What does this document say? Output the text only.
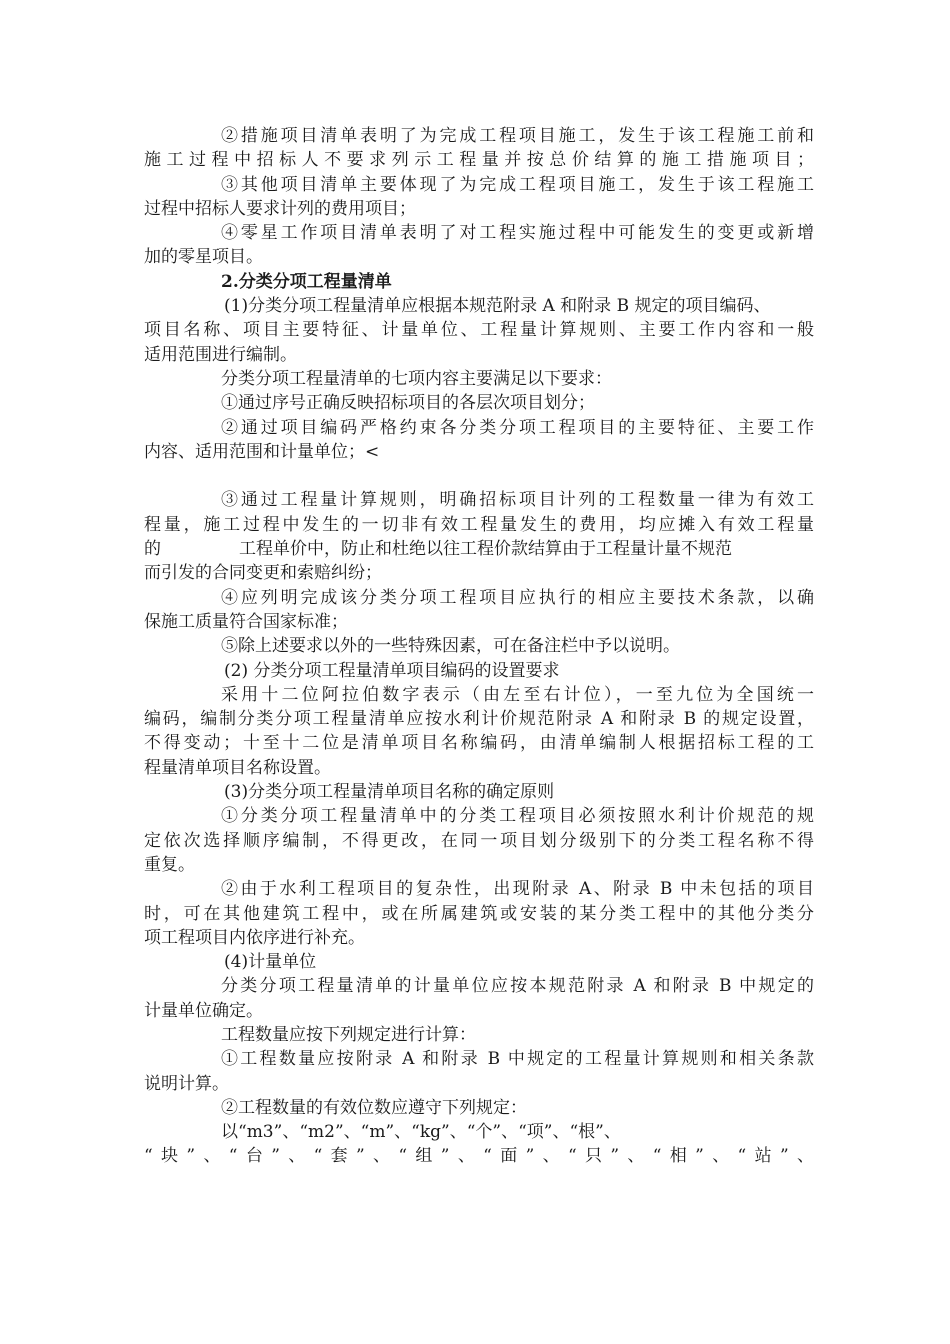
②措施项目清单表明了为完成工程项目施工，发生于该工程施工前和
施工过程中招标人不要求列示工程量并按总价结算的施工措施项目；
③其他项目清单主要体现了为完成工程项目施工，发生于该工程施工
过程中招标人要求计列的费用项目；
④零星工作项目清单表明了对工程实施过程中可能发生的变更或新增
加的零星项目。
2.分类分项工程量清单
(1)分类分项工程量清单应根据本规范附录 A 和附录 B 规定的项目编码、
项目名称、项目主要特征、计量单位、工程量计算规则、主要工作内容和一般
适用范围进行编制。
分类分项工程量清单的七项内容主要满足以下要求：
①通过序号正确反映招标项目的各层次项目划分；
②通过项目编码严格约束各分类分项工程项目的主要特征、主要工作
内容、适用范围和计量单位；<
③通过工程量计算规则，明确招标项目计列的工程数量一律为有效工
程量，施工过程中发生的一切非有效工程量发生的费用，均应摊入有效工程量
的	工程单价中，防止和杜绝以往工程价款结算由于工程量计量不规范
而引发的合同变更和索赔纠纷；
④应列明完成该分类分项工程项目应执行的相应主要技术条款，以确
保施工质量符合国家标准；
⑤除上述要求以外的一些特殊因素，可在备注栏中予以说明。
(2) 分类分项工程量清单项目编码的设置要求
采用十二位阿拉伯数字表示（由左至右计位），一至九位为全国统一
编码，编制分类分项工程量清单应按水利计价规范附录 A 和附录 B 的规定设置，
不得变动；十至十二位是清单项目名称编码，由清单编制人根据招标工程的工
程量清单项目名称设置。
(3)分类分项工程量清单项目名称的确定原则
①分类分项工程量清单中的分类工程项目必须按照水利计价规范的规
定依次选择顺序编制，不得更改，在同一项目划分级别下的分类工程名称不得
重复。
②由于水利工程项目的复杂性，出现附录 A、附录 B 中未包括的项目
时，可在其他建筑工程中，或在所属建筑或安装的某分类工程中的其他分类分
项工程项目内依序进行补充。
(4)计量单位
分类分项工程量清单的计量单位应按本规范附录 A 和附录 B 中规定的
计量单位确定。
工程数量应按下列规定进行计算：
①工程数量应按附录 A 和附录 B 中规定的工程量计算规则和相关条款
说明计算。
②工程数量的有效位数应遵守下列规定：
以“m3”、“m2”、“m”、“kg”、“个”、“项”、“根”、
“块”、“台”、“套”、“组”、“面”、“只”、“相”、“站”、
